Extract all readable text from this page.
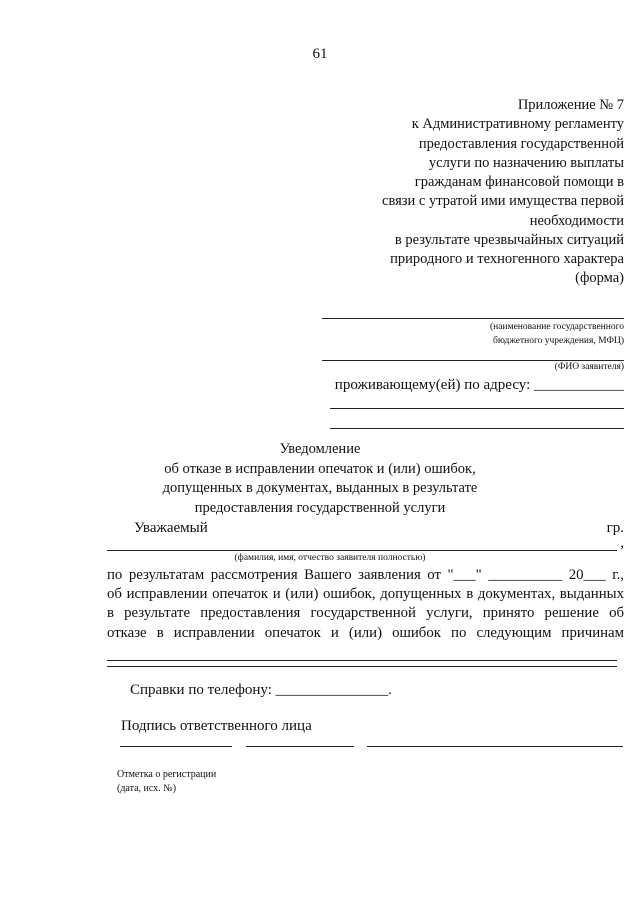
61
Приложение № 7
к Административному регламенту
предоставления государственной
услуги по назначению выплаты
гражданам финансовой помощи в
связи с утратой ими имущества первой
необходимости
в результате чрезвычайных ситуаций
природного и техногенного характера
(форма)
(наименование государственного
бюджетного учреждения, МФЦ)
(ФИО заявителя)
проживающему(ей) по адресу: ____________
Уведомление
об отказе в исправлении опечаток и (или) ошибок,
допущенных в документах, выданных в результате
предоставления государственной услуги
Уважаемый	гр.
,
(фамилия, имя, отчество заявителя полностью)
по результатам рассмотрения Вашего заявления от "___" __________ 20___ г.,
об исправлении опечаток и (или) ошибок, допущенных в документах, выданных
в результате предоставления государственной услуги, принято решение об
отказе в исправлении опечаток и (или) ошибок по следующим причинам
Справки по телефону: _______________.
Подпись ответственного лица
Отметка о регистрации
(дата, исх. №)
